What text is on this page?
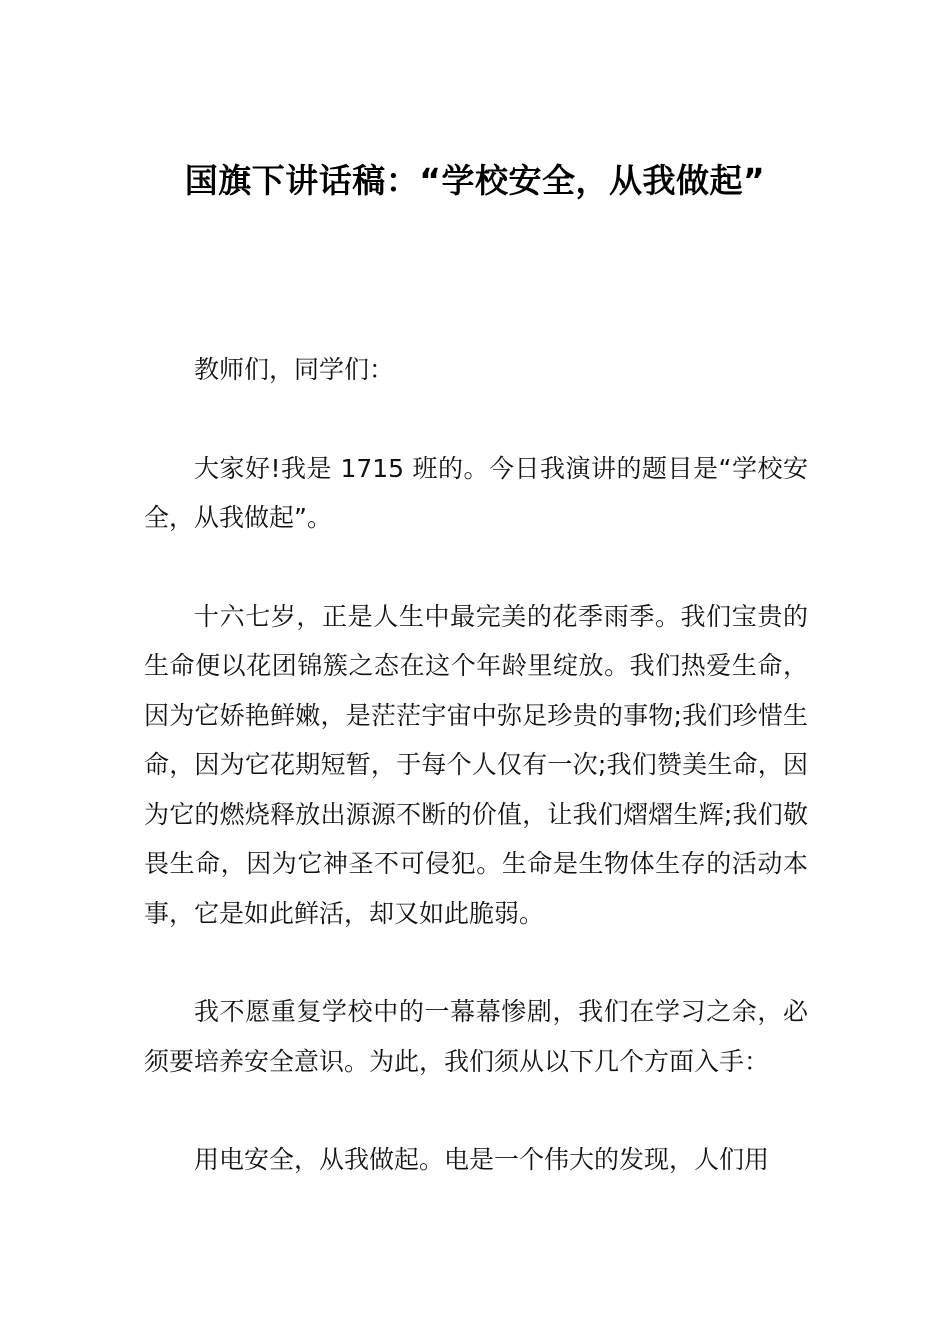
国旗下讲话稿：“学校安全，从我做起”

教师们，同学们：

大家好!我是 1715 班的。今日我演讲的题目是“学校安全，从我做起”。

十六七岁，正是人生中最完美的花季雨季。我们宝贵的生命便以花团锦簇之态在这个年龄里绽放。我们热爱生命，因为它娇艳鲜嫩，是茫茫宇宙中弥足珍贵的事物;我们珍惜生命，因为它花期短暂，于每个人仅有一次;我们赞美生命，因为它的燃烧释放出源源不断的价值，让我们熠熠生辉;我们敬畏生命，因为它神圣不可侵犯。生命是生物体生存的活动本事，它是如此鲜活，却又如此脆弱。

我不愿重复学校中的一幕幕惨剧，我们在学习之余，必须要培养安全意识。为此，我们须从以下几个方面入手：

用电安全，从我做起。电是一个伟大的发现，人们用
